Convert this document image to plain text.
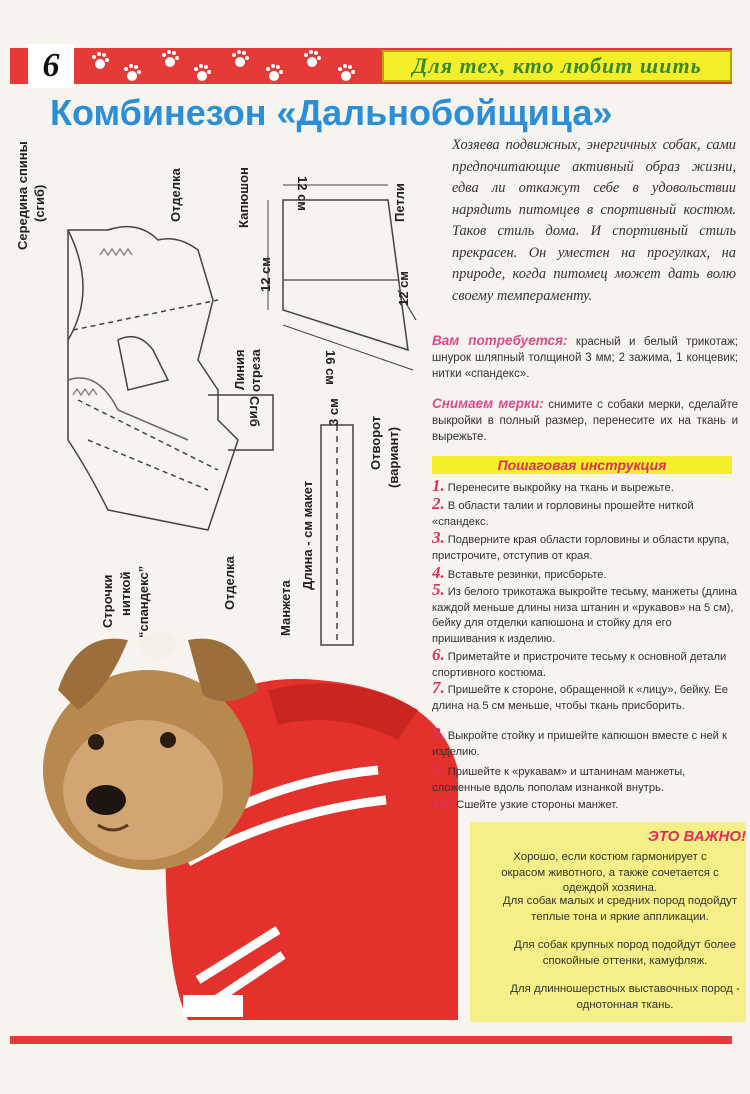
6	Для тех, кто любит шить
Комбинезон «Дальнобойщица»
Середина спины (сгиб)	Отделка	Капюшон	12 см	Петли
12 см	12 см
16 см
Линия отреза
Сгиб	3 см
Отворот (вариант)
Длина - см макет
Манжета
Строчки ниткой “спандекс”	Отделка
Хозяева подвижных, энергичных собак, сами предпочитающие активный образ жизни, едва ли откажут себе в удовольствии нарядить питомцев в спортивный костюм. Таков стиль дома. И спортивный стиль прекрасен. Он уместен на прогулках, на природе, когда питомец может дать волю своему темпераменту.
Вам потребуется: красный и белый трикотаж; шнурок шляпный толщиной 3 мм; 2 зажима, 1 концевик; нитки «спандекс».
Снимаем мерки: снимите с собаки мерки, сделайте выкройки в полный размер, перенесите их на ткань и вырежьте.
Пошаговая инструкция
1. Перенесите выкройку на ткань и вырежьте.
2. В области талии и горловины прошейте ниткой «спандекс.
3. Подверните края области горловины и области крупа, пристрочите, отступив от края.
4. Вставьте резинки, присборьте.
5. Из белого трикотажа выкройте тесьму, манжеты (длина каждой меньше длины низа штанин и «рукавов» на 5 см), бейку для отделки капюшона и стойку для его пришивания к изделию.
6. Приметайте и пристрочите тесьму к основной детали спортивного костюма.
7. Пришейте к стороне, обращенной к «лицу», бейку. Ее длина на 5 см меньше, чтобы ткань присборить.
8. Выкройте стойку и пришейте капюшон вместе с ней к изделию.
9. Пришейте к «рукавам» и штанинам манжеты, сложенные вдоль пополам изнанкой внутрь.
10. Сшейте узкие стороны манжет.
ЭТО ВАЖНО!
Хорошо, если костюм гармонирует с окрасом животного, а также сочетается с одеждой хозяина.
Для собак малых и средних пород подойдут теплые тона и яркие аппликации.
Для собак крупных пород подойдут более спокойные оттенки, камуфляж.
Для длинношерстных выставочных пород - однотонная ткань.
